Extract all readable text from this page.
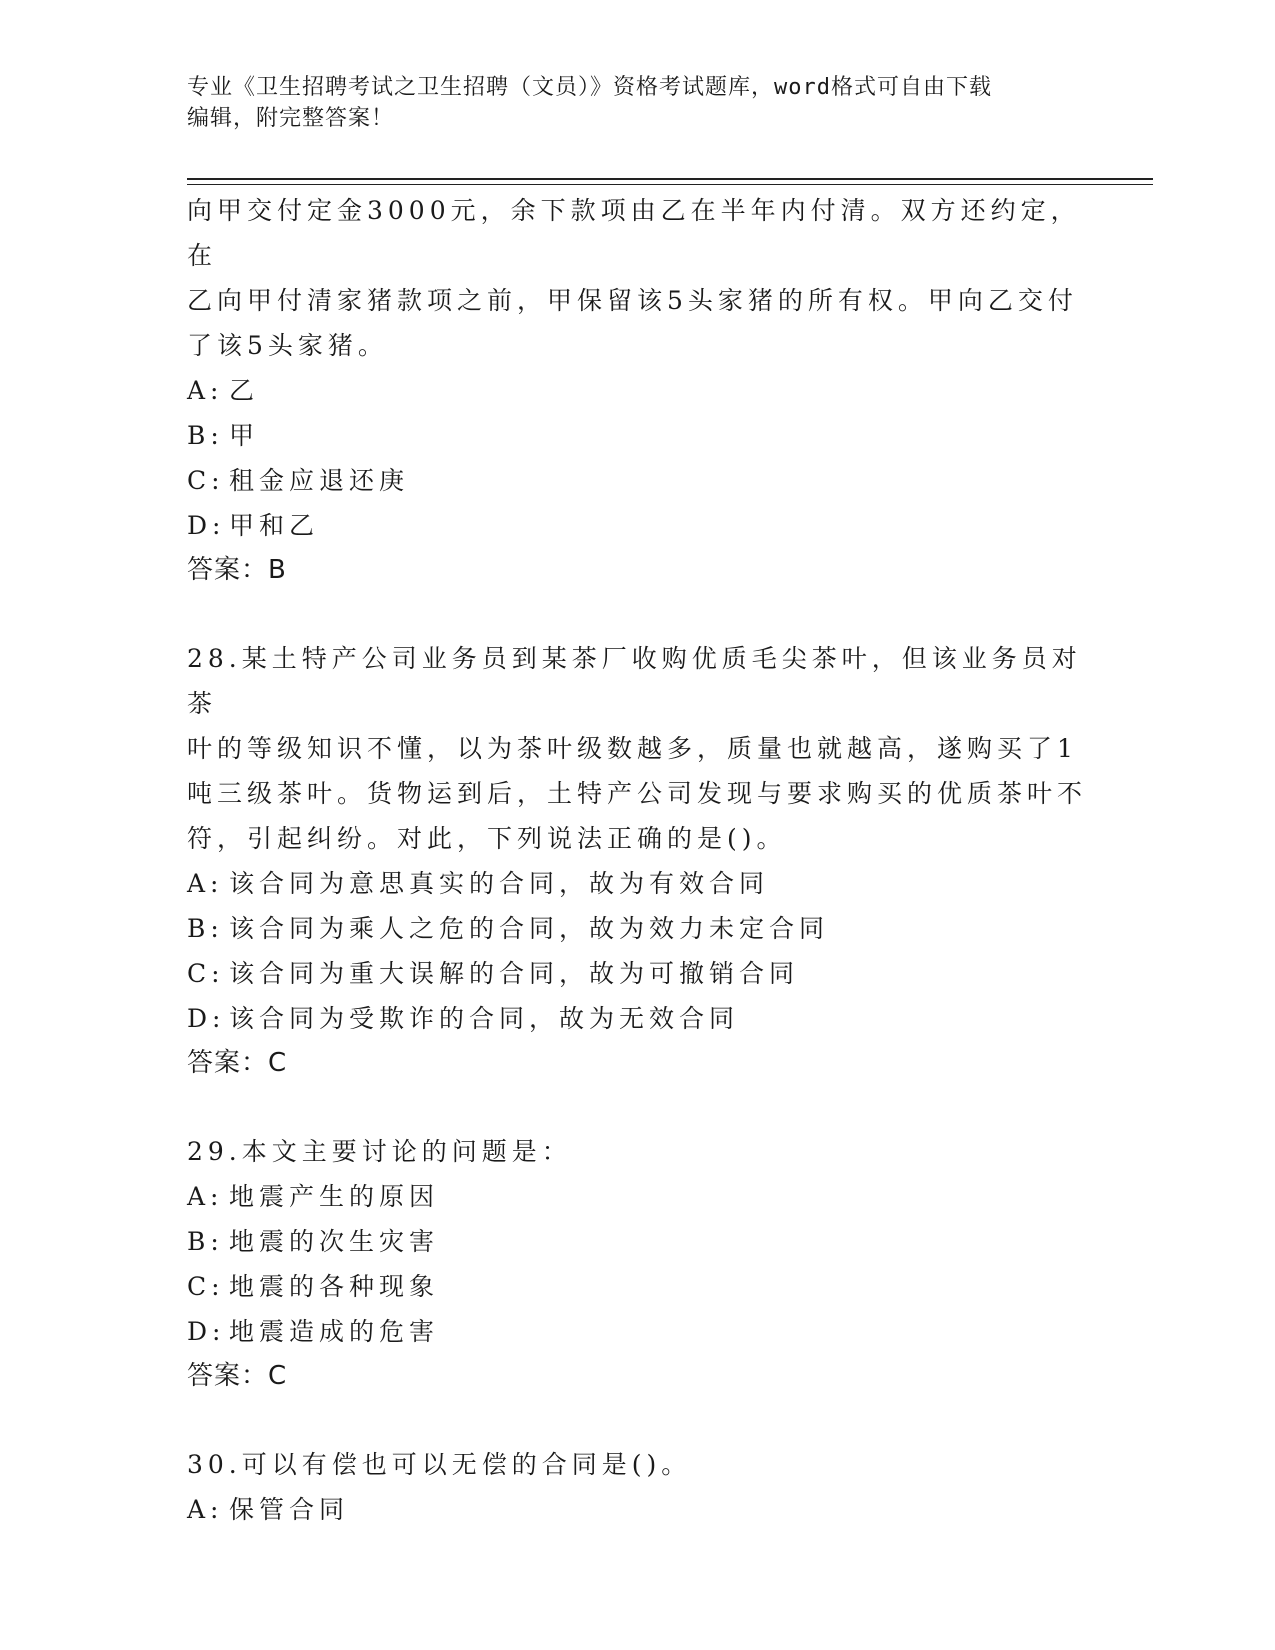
专业《卫生招聘考试之卫生招聘（文员）》资格考试题库，word格式可自由下载
编辑，附完整答案！

向甲交付定金3000元，余下款项由乙在半年内付清。双方还约定，在

乙向甲付清家猪款项之前，甲保留该5头家猪的所有权。甲向乙交付

了该5头家猪。

A: 乙

B: 甲

C: 租金应退还庚

D: 甲和乙

答案：B

28.某土特产公司业务员到某茶厂收购优质毛尖茶叶，但该业务员对茶

叶的等级知识不懂，以为茶叶级数越多，质量也就越高，遂购买了1

吨三级茶叶。货物运到后，土特产公司发现与要求购买的优质茶叶不

符，引起纠纷。对此，下列说法正确的是()。

A: 该合同为意思真实的合同，故为有效合同

B: 该合同为乘人之危的合同，故为效力未定合同

C: 该合同为重大误解的合同，故为可撤销合同

D: 该合同为受欺诈的合同，故为无效合同

答案：C

29.本文主要讨论的问题是：

A: 地震产生的原因

B: 地震的次生灾害

C: 地震的各种现象

D: 地震造成的危害

答案：C

30.可以有偿也可以无偿的合同是()。

A: 保管合同
